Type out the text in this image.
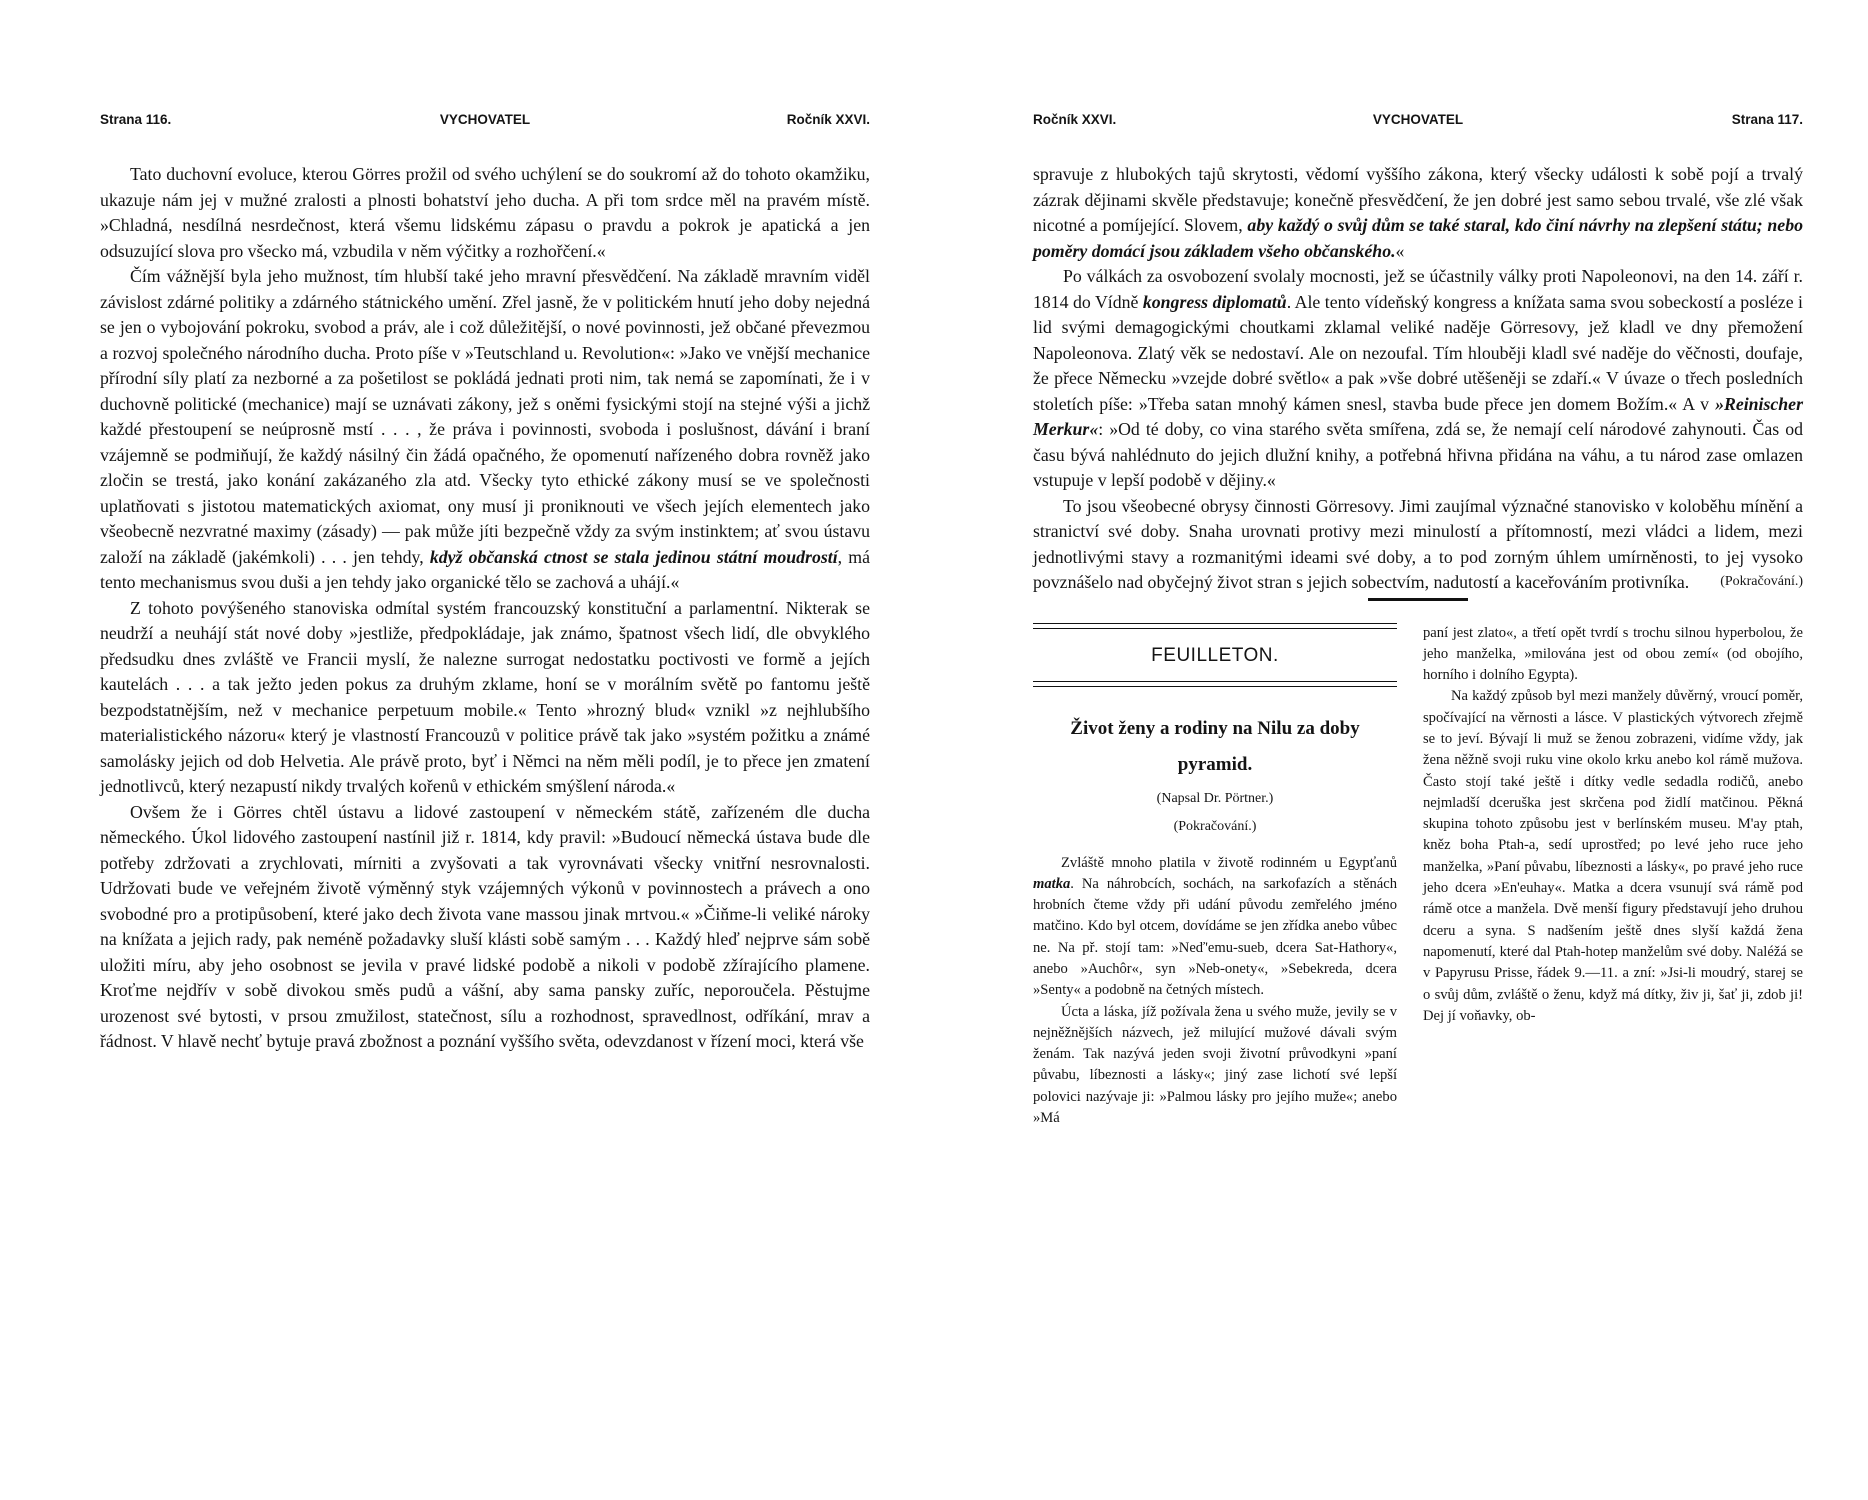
Strana 116.	VYCHOVATEL	Ročník XXVI.

Tato duchovní evoluce, kterou Görres prožil od svého uchýlení se do soukromí až do tohoto okamžiku, ukazuje nám jej v mužné zralosti a plnosti bohatství jeho ducha. A při tom srdce měl na pravém místě. »Chladná, nesdílná nesrdečnost, která všemu lidskému zápasu o pravdu a pokrok je apatická a jen odsuzující slova pro všecko má, vzbudila v něm výčitky a rozhořčení.«

Čím vážnější byla jeho mužnost, tím hlubší také jeho mravní přesvědčení. Na základě mravním viděl závislost zdárné politiky a zdárného státnického umění. Zřel jasně, že v politickém hnutí jeho doby nejedná se jen o vybojování pokroku, svobod a práv, ale i což důležitější, o nové povinnosti, jež občané převezmou a rozvoj společného národního ducha. Proto píše v »Teutschland u. Revolution«: »Jako ve vnější mechanice přírodní síly platí za nezborné a za pošetilost se pokládá jednati proti nim, tak nemá se zapomínati, že i v duchovně politické (mechanice) mají se uznávati zákony, jež s oněmi fysickými stojí na stejné výši a jichž každé přestoupení se neúprosně mstí . . . , že práva i povinnosti, svoboda i poslušnost, dávání i braní vzájemně se podmiňují, že každý násilný čin žádá opačného, že opomenutí nařízeného dobra rovněž jako zločin se trestá, jako konání zakázaného zla atd. Všecky tyto ethické zákony musí se ve společnosti uplatňovati s jistotou matematických axiomat, ony musí ji proniknouti ve všech jejích elementech jako všeobecně nezvratné maximy (zásady) — pak může jíti bezpečně vždy za svým instinktem; ať svou ústavu založí na základě (jakémkoli) . . . jen tehdy, když občanská ctnost se stala jedinou státní moudrostí, má tento mechanismus svou duši a jen tehdy jako organické tělo se zachová a uhájí.«

Z tohoto povýšeného stanoviska odmítal systém francouzský konstituční a parlamentní. Nikterak se neudrží a neuhájí stát nové doby »jestliže, předpokládaje, jak známo, špatnost všech lidí, dle obvyklého předsudku dnes zvláště ve Francii myslí, že nalezne surrogat nedostatku poctivosti ve formě a jejích kautelách . . . a tak ježto jeden pokus za druhým zklame, honí se v morálním světě po fantomu ještě bezpodstatnějším, než v mechanice perpetuum mobile.« Tento »hrozný blud« vznikl »z nejhlubšího materialistického názoru« který je vlastností Francouzů v politice právě tak jako »systém požitku a známé samolásky jejich od dob Helvetia. Ale právě proto, byť i Němci na něm měli podíl, je to přece jen zmatení jednotlivců, který nezapustí nikdy trvalých kořenů v ethickém smýšlení národa.«

Ovšem že i Görres chtěl ústavu a lidové zastoupení v německém státě, zařízeném dle ducha německého. Úkol lidového zastoupení nastínil již r. 1814, kdy pravil: »Budoucí německá ústava bude dle potřeby zdržovati a zrychlovati, mírniti a zvyšovati a tak vyrovnávati všecky vnitřní nesrovnalosti. Udržovati bude ve veřejném životě výměnný styk vzájemných výkonů v povinnostech a právech a ono svobodné pro a protipůsobení, které jako dech života vane massou jinak mrtvou.« »Čiňme-li veliké nároky na knížata a jejich rady, pak neméně požadavky sluší klásti sobě samým . . . Každý hleď nejprve sám sobě uložiti míru, aby jeho osobnost se jevila v pravé lidské podobě a nikoli v podobě zžírajícího plamene. Kroťme nejdřív v sobě divokou směs pudů a vášní, aby sama pansky zuříc, neporoučela. Pěstujme urozenost své bytosti, v prsou zmužilost, statečnost, sílu a rozhodnost, spravedlnost, odříkání, mrav a řádnost. V hlavě nechť bytuje pravá zbožnost a poznání vyššího světa, odevzdanost v řízení moci, která vše

Ročník XXVI.	VYCHOVATEL	Strana 117.

spravuje z hlubokých tajů skrytosti, vědomí vyššího zákona, který všecky události k sobě pojí a trvalý zázrak dějinami skvěle představuje; konečně přesvědčení, že jen dobré jest samo sebou trvalé, vše zlé však nicotné a pomíjející. Slovem, aby každý o svůj dům se také staral, kdo činí návrhy na zlepšení státu; nebo poměry domácí jsou základem všeho občanského.«

Po válkách za osvobození svolaly mocnosti, jež se účastnily války proti Napoleonovi, na den 14. září r. 1814 do Vídně kongress diplomatů. Ale tento vídeňský kongress a knížata sama svou sobeckostí a posléze i lid svými demagogickými choutkami zklamal veliké naděje Görresovy, jež kladl ve dny přemožení Napoleonova. Zlatý věk se nedostaví. Ale on nezoufal. Tím hlouběji kladl své naděje do věčnosti, doufaje, že přece Německu »vzejde dobré světlo« a pak »vše dobré utěšeněji se zdaří.« V úvaze o třech posledních stoletích píše: »Třeba satan mnohý kámen snesl, stavba bude přece jen domem Božím.« A v »Reinischer Merkur«: »Od té doby, co vina starého světa smířena, zdá se, že nemají celí národové zahynouti. Čas od času bývá nahlédnuto do jejich dlužní knihy, a potřebná hřivna přidána na váhu, a tu národ zase omlazen vstupuje v lepší podobě v dějiny.«

To jsou všeobecné obrysy činnosti Görresovy. Jimi zaujímal význačné stanovisko v koloběhu mínění a stranictví své doby. Snaha urovnati protivy mezi minulostí a přítomností, mezi vládci a lidem, mezi jednotlivými stavy a rozmanitými ideami své doby, a to pod zorným úhlem umírněnosti, to jej vysoko povznášelo nad obyčejný život stran s jejich sobectvím, nadutostí a kaceřováním protivníka.	(Pokračování.)
FEUILLETON.
Život ženy a rodiny na Nilu za doby pyramid.
(Napsal Dr. Pörtner.)
(Pokračování.)

Zvláště mnoho platila v životě rodinném u Egypťanů matka. Na náhrobcích, sochách, na sarkofazích a stěnách hrobních čteme vždy při udání původu zemřelého jméno matčino. Kdo byl otcem, dovídáme se jen zřídka anebo vůbec ne. Na př. stojí tam: »Neď'emu-sueb, dcera Sat-Hathory«, anebo »Auchôr«, syn »Neb-onety«, »Sebekreda, dcera »Senty« a podobně na četných místech.

Úcta a láska, jíž požívala žena u svého muže, jevily se v nejněžnějších názvech, jež milující mužové dávali svým ženám. Tak nazývá jeden svoji životní průvodkyni »paní půvabu, líbeznosti a lásky«; jiný zase lichotí své lepší polovici nazývaje ji: »Palmou lásky pro jejího muže«; anebo »Má

paní jest zlato«, a třetí opět tvrdí s trochu silnou hyperbolou, že jeho manželka, »milována jest od obou zemí« (od obojího, horního i dolního Egypta).

Na každý způsob byl mezi manžely důvěrný, vroucí poměr, spočívající na věrnosti a lásce. V plastických výtvorech zřejmě se to jeví. Bývají li muž se ženou zobrazeni, vidíme vždy, jak žena něžně svoji ruku vine okolo krku anebo kol rámě mužova. Často stojí také ještě i dítky vedle sedadla rodičů, anebo nejmladší dceruška jest skrčena pod židlí matčinou. Pěkná skupina tohoto způsobu jest v berlínském museu. M'ay ptah, kněz boha Ptah-a, sedí uprostřed; po levé jeho ruce jeho manželka, »Paní půvabu, líbeznosti a lásky«, po pravé jeho ruce jeho dcera »En'euhay«. Matka a dcera vsunují svá rámě pod rámě otce a manžela. Dvě menší figury představují jeho druhou dceru a syna. S nadšením ještě dnes slyší každá žena napomenutí, které dal Ptah-hotep manželům své doby. Naléžá se v Papyrusu Prisse, řádek 9.—11. a zní: »Jsi-li moudrý, starej se o svůj dům, zvláště o ženu, když má dítky, živ ji, šať ji, zdob ji! Dej jí voňavky, ob-
